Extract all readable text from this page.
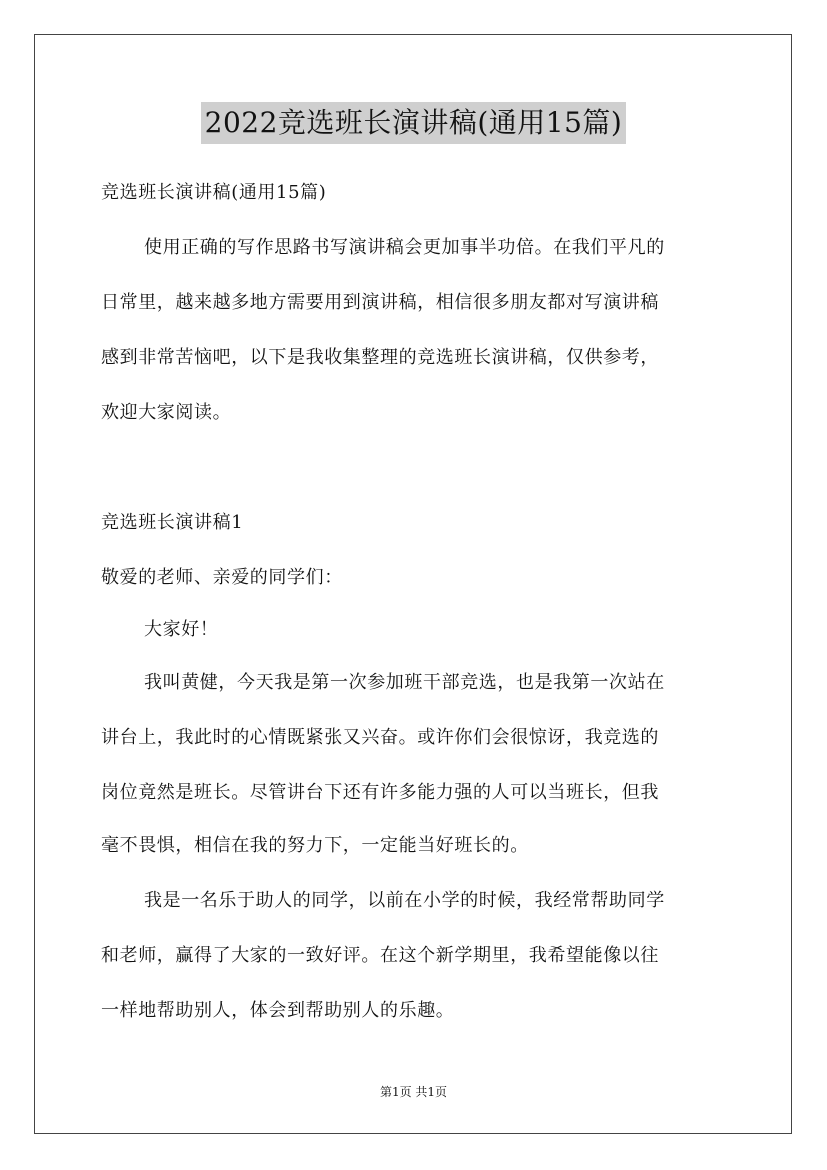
2022竞选班长演讲稿(通用15篇)
竞选班长演讲稿(通用15篇)
使用正确的写作思路书写演讲稿会更加事半功倍。在我们平凡的
日常里，越来越多地方需要用到演讲稿，相信很多朋友都对写演讲稿
感到非常苦恼吧，以下是我收集整理的竞选班长演讲稿，仅供参考，
欢迎大家阅读。
竞选班长演讲稿1
敬爱的老师、亲爱的同学们：
大家好！
我叫黄健，今天我是第一次参加班干部竞选，也是我第一次站在
讲台上，我此时的心情既紧张又兴奋。或许你们会很惊讶，我竞选的
岗位竟然是班长。尽管讲台下还有许多能力强的人可以当班长，但我
毫不畏惧，相信在我的努力下，一定能当好班长的。
我是一名乐于助人的同学，以前在小学的时候，我经常帮助同学
和老师，赢得了大家的一致好评。在这个新学期里，我希望能像以往
一样地帮助别人，体会到帮助别人的乐趣。
第1页 共1页
